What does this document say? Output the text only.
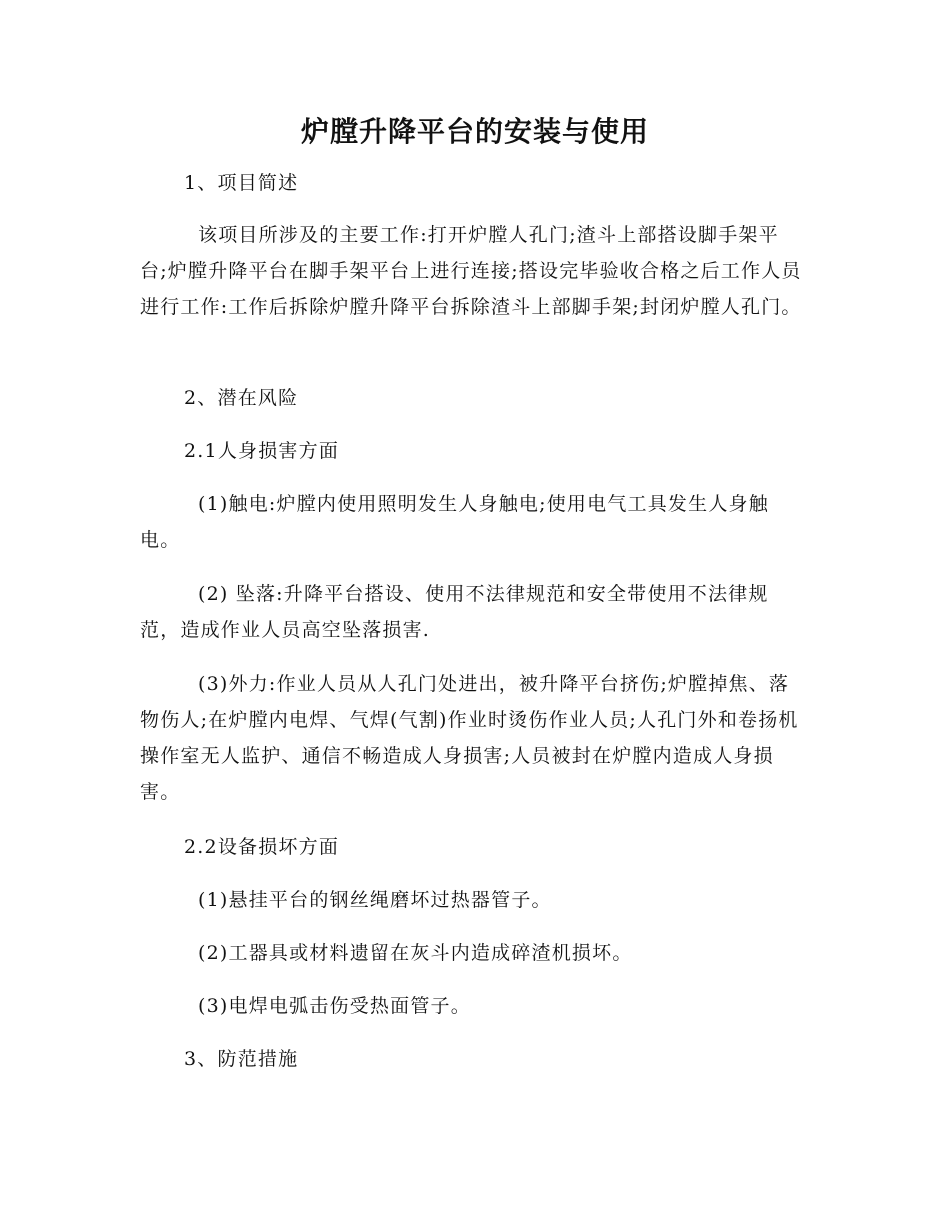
炉膛升降平台的安装与使用

1、项目简述

该项目所涉及的主要工作:打开炉膛人孔门;渣斗上部搭设脚手架平台;炉膛升降平台在脚手架平台上进行连接;搭设完毕验收合格之后工作人员进行工作:工作后拆除炉膛升降平台拆除渣斗上部脚手架;封闭炉膛人孔门。

2、潜在风险

2.1人身损害方面

(1)触电:炉膛内使用照明发生人身触电;使用电气工具发生人身触电。

(2) 坠落:升降平台搭设、使用不法律规范和安全带使用不法律规范，造成作业人员高空坠落损害.

(3)外力:作业人员从人孔门处进出，被升降平台挤伤;炉膛掉焦、落物伤人;在炉膛内电焊、气焊(气割)作业时烫伤作业人员;人孔门外和卷扬机操作室无人监护、通信不畅造成人身损害;人员被封在炉膛内造成人身损害。

2.2设备损坏方面

(1)悬挂平台的钢丝绳磨坏过热器管子。

(2)工器具或材料遗留在灰斗内造成碎渣机损坏。

(3)电焊电弧击伤受热面管子。

3、防范措施
